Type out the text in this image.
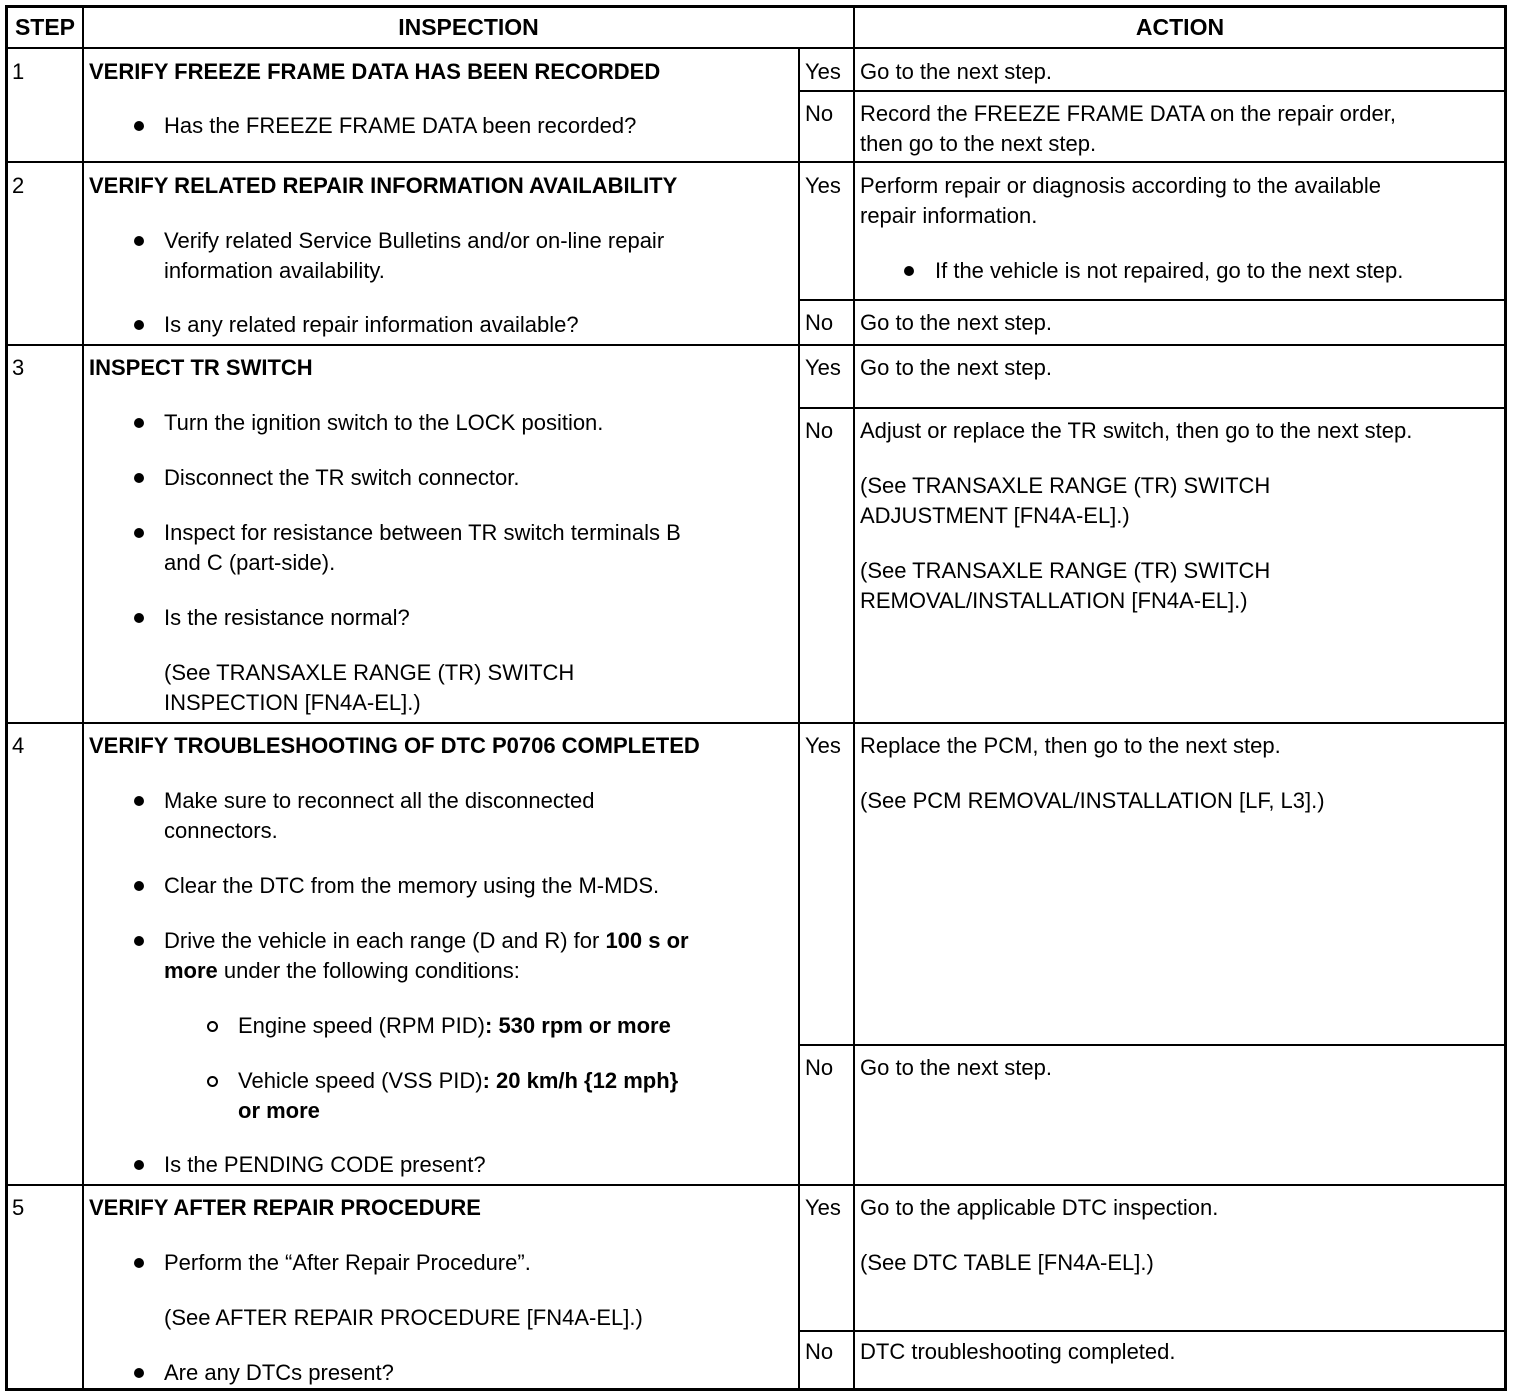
STEP	INSPECTION	ACTION
1	VERIFY FREEZE FRAME DATA HAS BEEN RECORDED
Has the FREEZE FRAME DATA been recorded?
Yes Go to the next step.
No Record the FREEZE FRAME DATA on the repair order,
then go to the next step.
2	VERIFY RELATED REPAIR INFORMATION AVAILABILITY
Verify related Service Bulletins and/or on-line repair
information availability.
Is any related repair information available?
Yes Perform repair or diagnosis according to the available
repair information.
If the vehicle is not repaired, go to the next step.
No Go to the next step.
3	INSPECT TR SWITCH
Turn the ignition switch to the LOCK position.
Disconnect the TR switch connector.
Inspect for resistance between TR switch terminals B
and C (part-side).
Is the resistance normal?
(See TRANSAXLE RANGE (TR) SWITCH
INSPECTION [FN4A-EL].)
Yes Go to the next step.
No Adjust or replace the TR switch, then go to the next step.
(See TRANSAXLE RANGE (TR) SWITCH
ADJUSTMENT [FN4A-EL].)
(See TRANSAXLE RANGE (TR) SWITCH
REMOVAL/INSTALLATION [FN4A-EL].)
4	VERIFY TROUBLESHOOTING OF DTC P0706 COMPLETED
Make sure to reconnect all the disconnected
connectors.
Clear the DTC from the memory using the M-MDS.
Drive the vehicle in each range (D and R) for 100 s or
more under the following conditions:
Engine speed (RPM PID): 530 rpm or more
Vehicle speed (VSS PID): 20 km/h {12 mph}
or more
Is the PENDING CODE present?
Yes Replace the PCM, then go to the next step.
(See PCM REMOVAL/INSTALLATION [LF, L3].)
No Go to the next step.
5	VERIFY AFTER REPAIR PROCEDURE
Perform the “After Repair Procedure”.
(See AFTER REPAIR PROCEDURE [FN4A-EL].)
Are any DTCs present?
Yes Go to the applicable DTC inspection.
(See DTC TABLE [FN4A-EL].)
No DTC troubleshooting completed.
